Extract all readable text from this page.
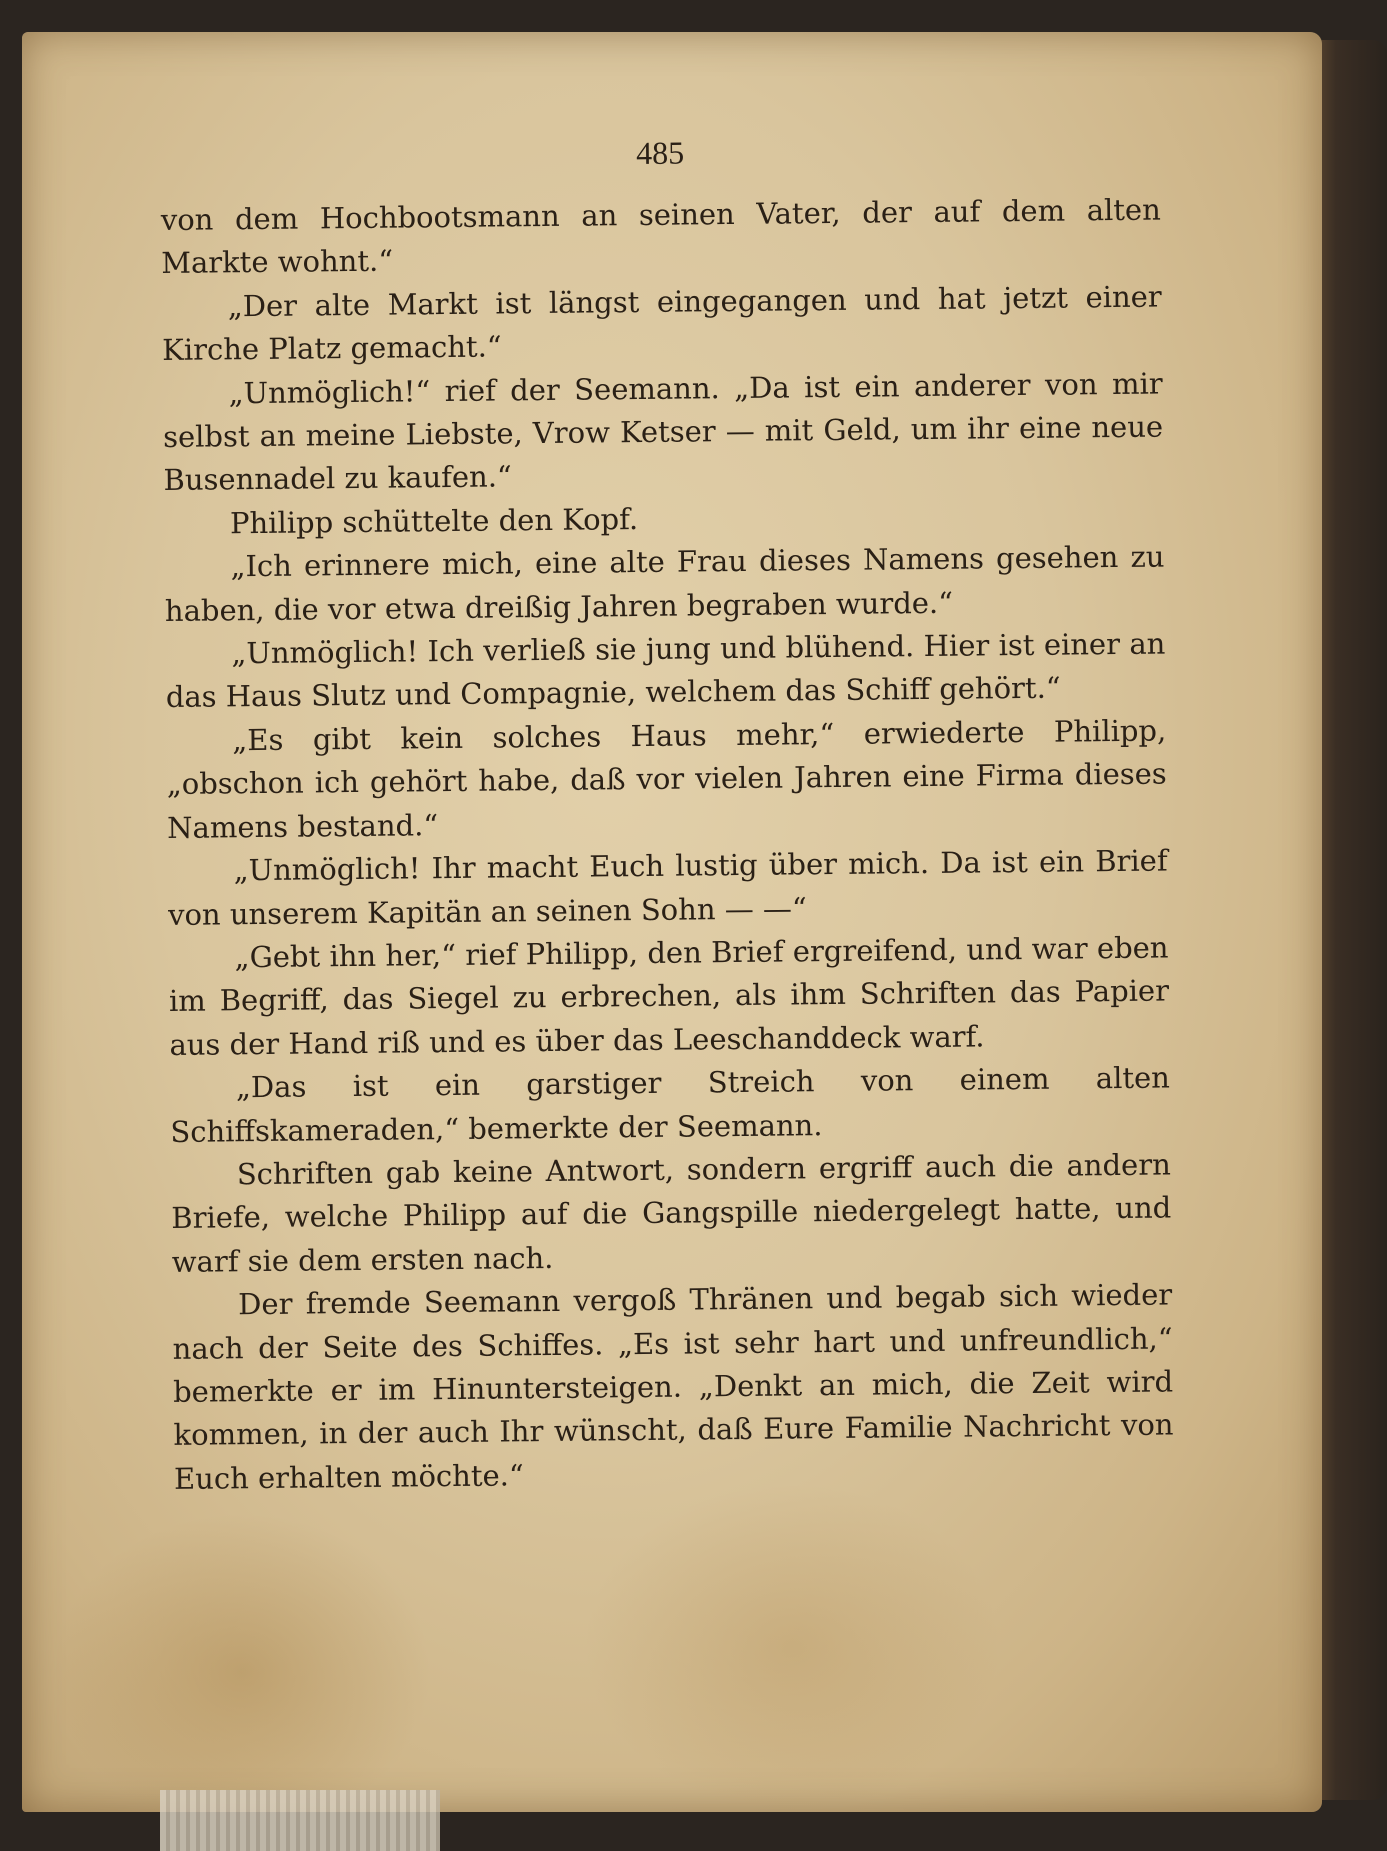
485

von dem Hochbootsmann an seinen Vater, der auf dem alten Markte wohnt.“

„Der alte Markt ist längst eingegangen und hat jetzt einer Kirche Platz gemacht.“

„Unmöglich!“ rief der Seemann. „Da ist ein anderer von mir selbst an meine Liebste, Vrow Ketser — mit Geld, um ihr eine neue Busennadel zu kaufen.“

Philipp schüttelte den Kopf.

„Ich erinnere mich, eine alte Frau dieses Namens gesehen zu haben, die vor etwa dreißig Jahren begraben wurde.“

„Unmöglich! Ich verließ sie jung und blühend. Hier ist einer an das Haus Slutz und Compagnie, welchem das Schiff gehört.“

„Es gibt kein solches Haus mehr,“ erwiederte Philipp, „obschon ich gehört habe, daß vor vielen Jahren eine Firma dieses Namens bestand.“

„Unmöglich! Ihr macht Euch lustig über mich. Da ist ein Brief von unserem Kapitän an seinen Sohn — —“

„Gebt ihn her,“ rief Philipp, den Brief ergreifend, und war eben im Begriff, das Siegel zu erbrechen, als ihm Schriften das Papier aus der Hand riß und es über das Leeschanddeck warf.

„Das ist ein garstiger Streich von einem alten Schiffskameraden,“ bemerkte der Seemann.

Schriften gab keine Antwort, sondern ergriff auch die andern Briefe, welche Philipp auf die Gangspille niedergelegt hatte, und warf sie dem ersten nach.

Der fremde Seemann vergoß Thränen und begab sich wieder nach der Seite des Schiffes. „Es ist sehr hart und unfreundlich,“ bemerkte er im Hinuntersteigen. „Denkt an mich, die Zeit wird kommen, in der auch Ihr wünscht, daß Eure Familie Nachricht von Euch erhalten möchte.“
